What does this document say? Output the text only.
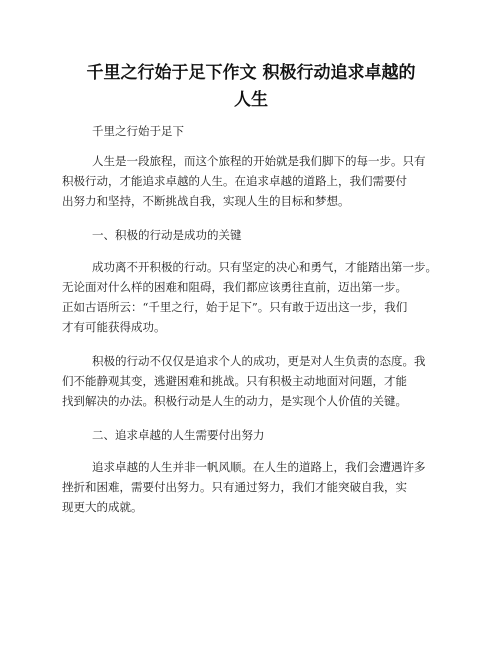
千里之行始于足下作文 积极行动追求卓越的
人生

千里之行始于足下

人生是一段旅程，而这个旅程的开始就是我们脚下的每一步。只有

积极行动，才能追求卓越的人生。在追求卓越的道路上，我们需要付

出努力和坚持，不断挑战自我，实现人生的目标和梦想。

一、积极的行动是成功的关键

成功离不开积极的行动。只有坚定的决心和勇气，才能踏出第一步。

无论面对什么样的困难和阻碍，我们都应该勇往直前，迈出第一步。

正如古语所云：“千里之行，始于足下”。只有敢于迈出这一步，我们

才有可能获得成功。

积极的行动不仅仅是追求个人的成功，更是对人生负责的态度。我

们不能静观其变，逃避困难和挑战。只有积极主动地面对问题，才能

找到解决的办法。积极行动是人生的动力，是实现个人价值的关键。

二、追求卓越的人生需要付出努力

追求卓越的人生并非一帆风顺。在人生的道路上，我们会遭遇许多

挫折和困难，需要付出努力。只有通过努力，我们才能突破自我，实

现更大的成就。
